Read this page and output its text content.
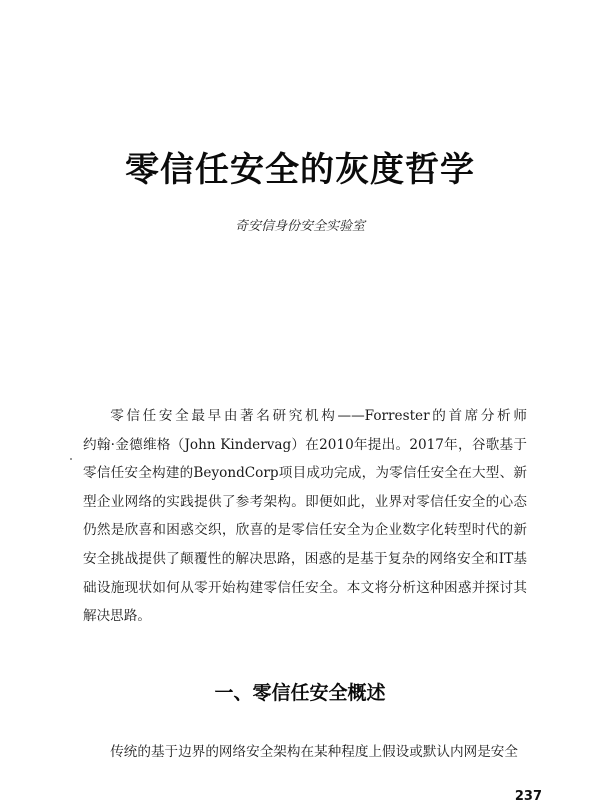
零信任安全的灰度哲学
奇安信身份安全实验室
零信任安全最早由著名研究机构——Forrester的首席分析师
约翰·金德维格（John Kindervag）在2010年提出。2017年，谷歌基于
零信任安全构建的BeyondCorp项目成功完成，为零信任安全在大型、新
型企业网络的实践提供了参考架构。即便如此，业界对零信任安全的心态
仍然是欣喜和困惑交织，欣喜的是零信任安全为企业数字化转型时代的新
安全挑战提供了颠覆性的解决思路，困惑的是基于复杂的网络安全和IT基
础设施现状如何从零开始构建零信任安全。本文将分析这种困惑并探讨其
解决思路。
一、零信任安全概述
传统的基于边界的网络安全架构在某种程度上假设或默认内网是安全
237
